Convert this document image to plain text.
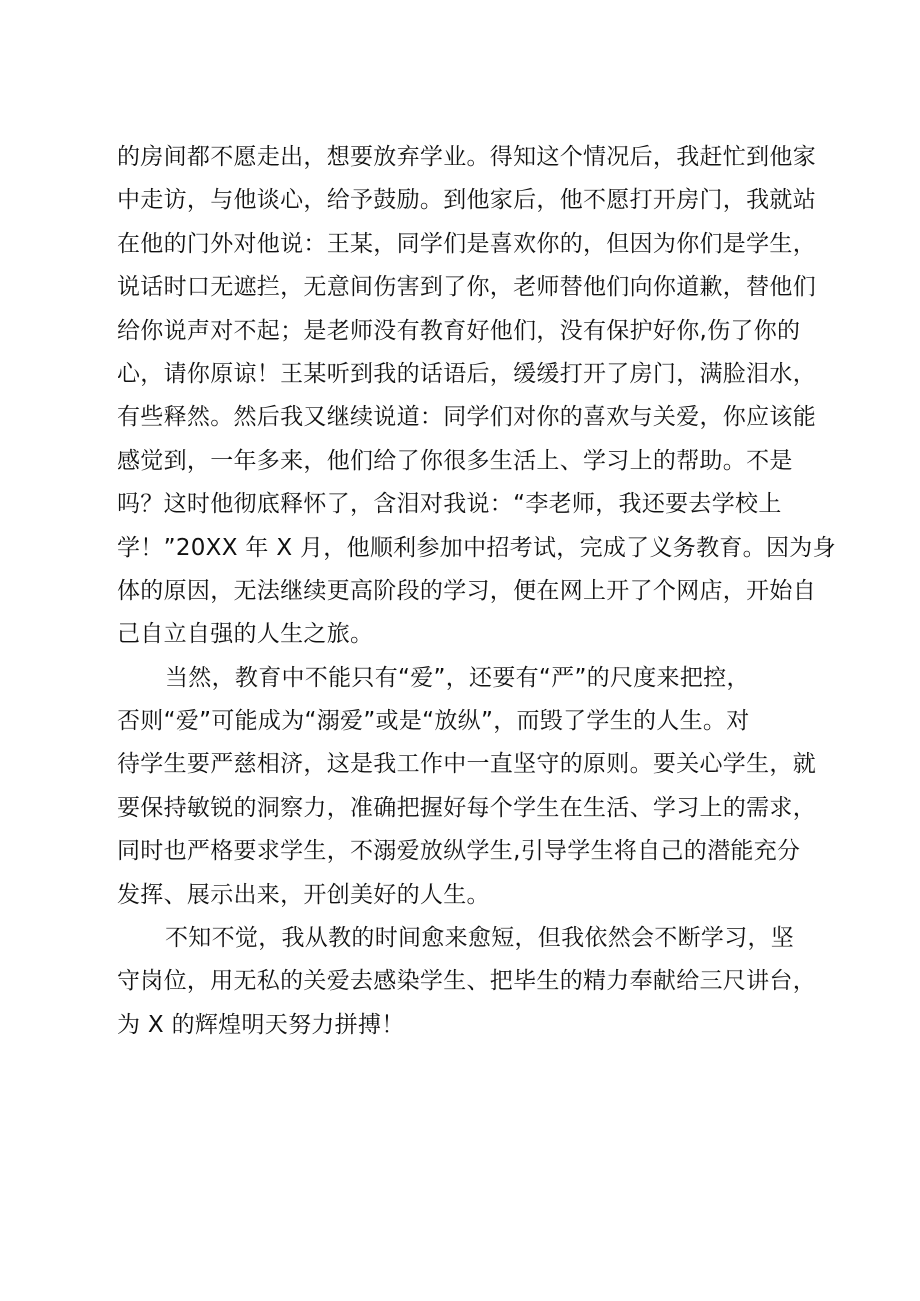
的房间都不愿走出，想要放弃学业。得知这个情况后，我赶忙到他家
中走访，与他谈心，给予鼓励。到他家后，他不愿打开房门，我就站
在他的门外对他说：王某，同学们是喜欢你的，但因为你们是学生，
说话时口无遮拦，无意间伤害到了你，老师替他们向你道歉，替他们
给你说声对不起；是老师没有教育好他们，没有保护好你,伤了你的
心，请你原谅！王某听到我的话语后，缓缓打开了房门，满脸泪水，
有些释然。然后我又继续说道：同学们对你的喜欢与关爱，你应该能
感觉到，一年多来，他们给了你很多生活上、学习上的帮助。不是
吗？这时他彻底释怀了，含泪对我说：“李老师，我还要去学校上
学！”20XX 年 X 月，他顺利参加中招考试，完成了义务教育。因为身
体的原因，无法继续更高阶段的学习，便在网上开了个网店，开始自
己自立自强的人生之旅。
当然，教育中不能只有“爱”，还要有“严”的尺度来把控，
否则“爱”可能成为“溺爱”或是“放纵”，而毁了学生的人生。对
待学生要严慈相济，这是我工作中一直坚守的原则。要关心学生，就
要保持敏锐的洞察力，准确把握好每个学生在生活、学习上的需求，
同时也严格要求学生，不溺爱放纵学生,引导学生将自己的潜能充分
发挥、展示出来，开创美好的人生。
不知不觉，我从教的时间愈来愈短，但我依然会不断学习，坚
守岗位，用无私的关爱去感染学生、把毕生的精力奉献给三尺讲台，
为 X 的辉煌明天努力拼搏！
